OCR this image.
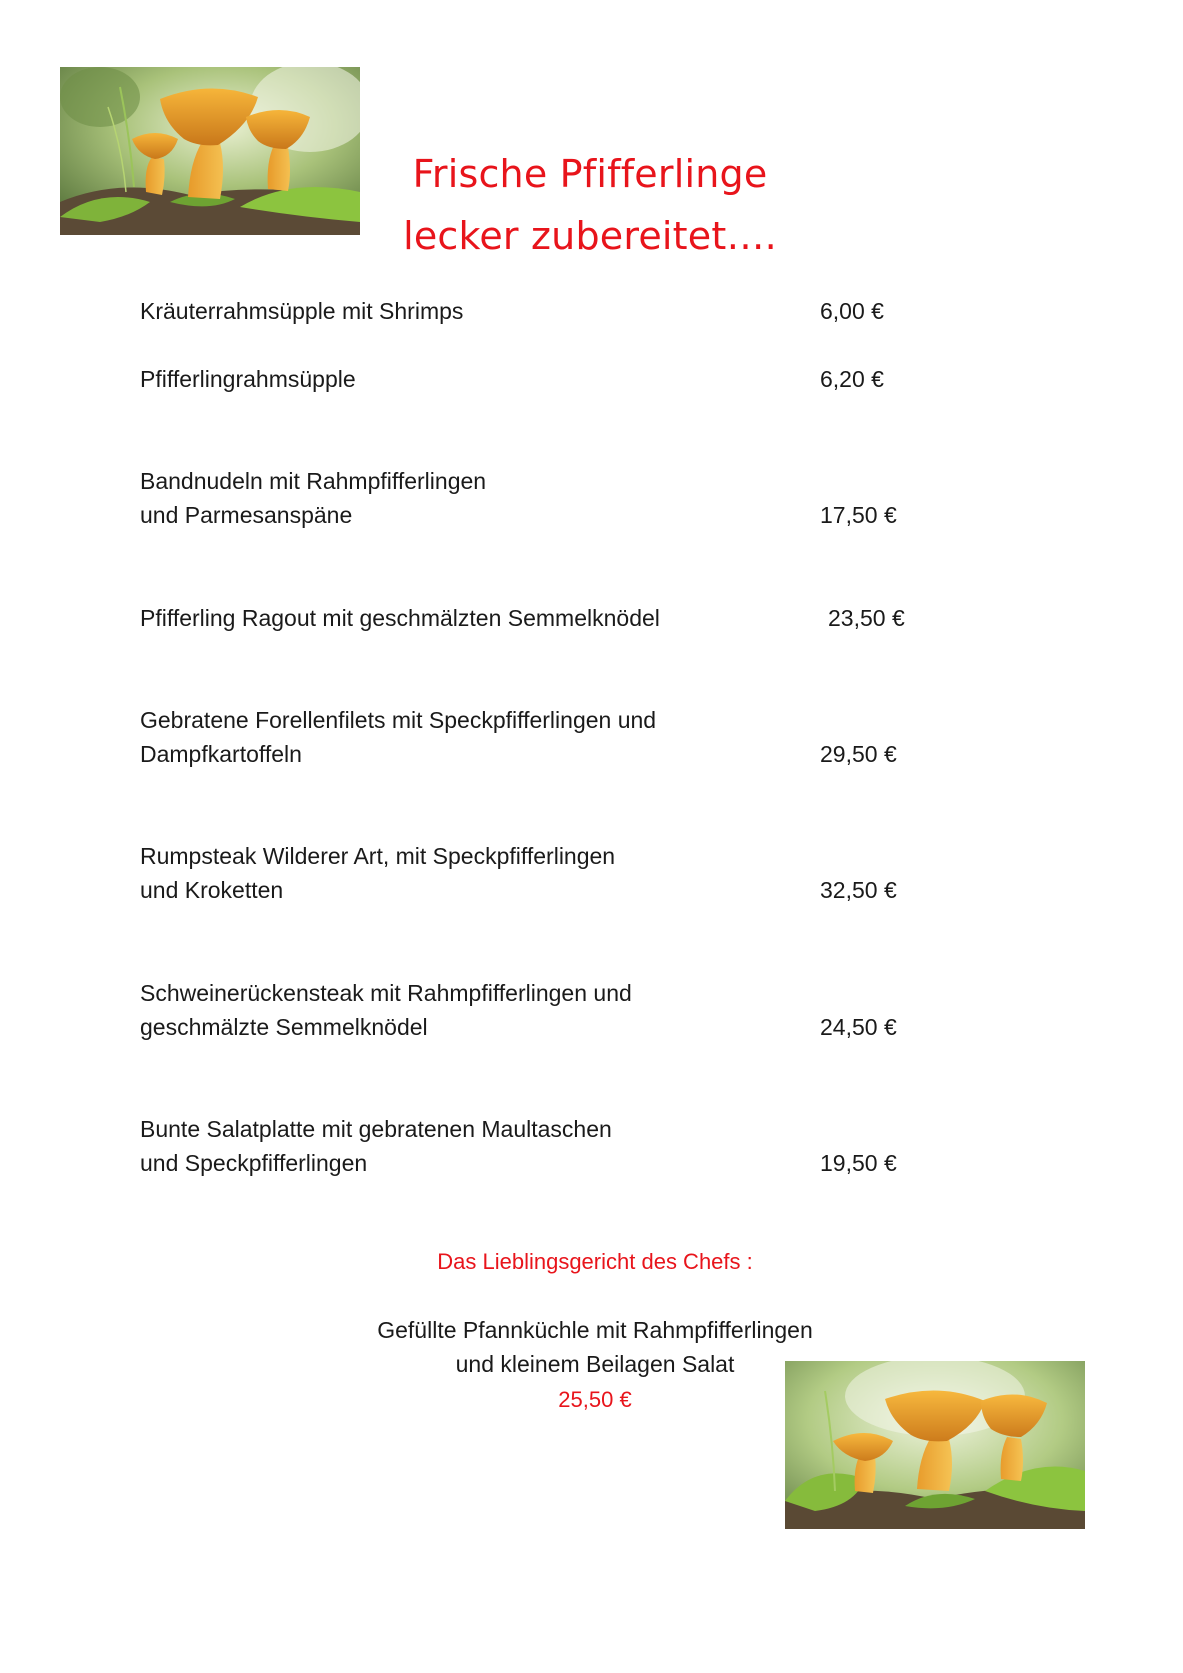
Frische Pfifferlinge
lecker zubereitet….
Kräuterrahmsüpple mit Shrimps	6,00 €
Pfifferlingrahmsüpple	6,20 €
Bandnudeln mit Rahmpfifferlingen
und Parmesanspäne	17,50 €
Pfifferling Ragout mit geschmälzten Semmelknödel	23,50 €
Gebratene Forellenfilets mit Speckpfifferlingen und
Dampfkartoffeln	29,50 €
Rumpsteak Wilderer Art, mit Speckpfifferlingen
und Kroketten	32,50 €
Schweinerückensteak mit Rahmpfifferlingen und
geschmälzte Semmelknödel	24,50 €
Bunte Salatplatte mit gebratenen Maultaschen
und Speckpfifferlingen	19,50 €
Das Lieblingsgericht des Chefs :
Gefüllte Pfannküchle mit Rahmpfifferlingen
und kleinem Beilagen Salat
25,50 €
